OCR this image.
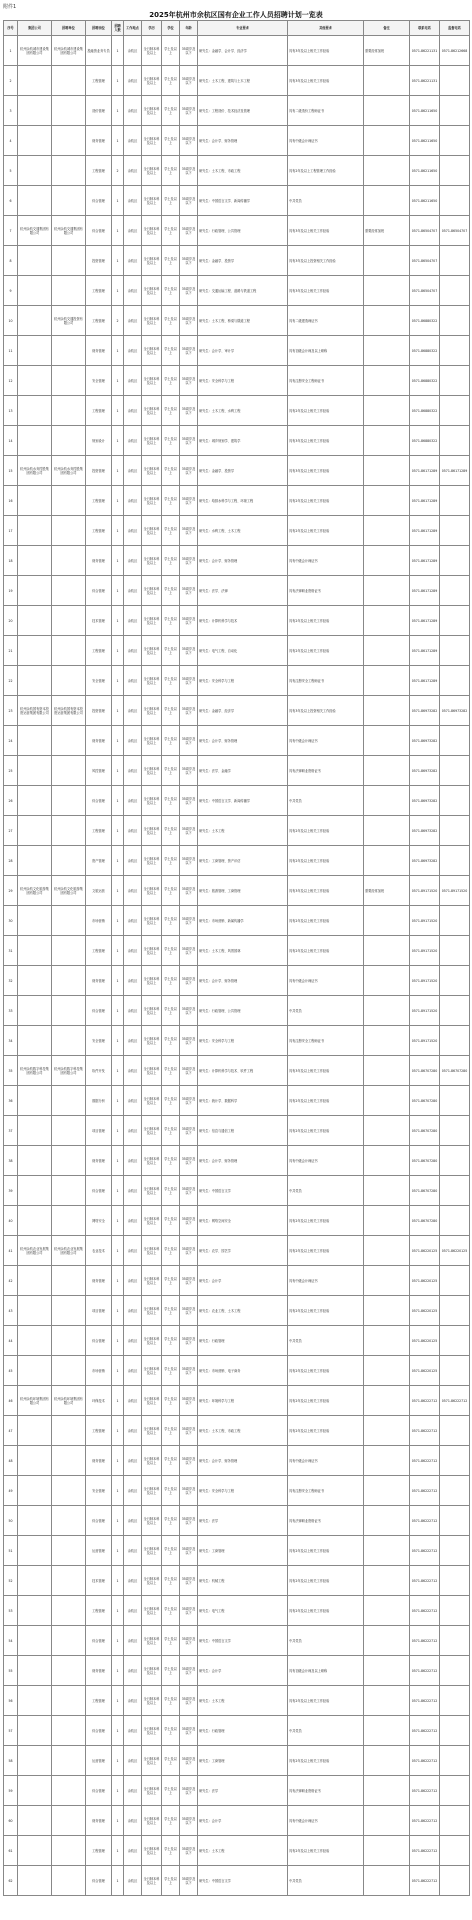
附件1
2025年杭州市余杭区国有企业工作人员招聘计划一览表
序号	集团公司	招聘单位	招聘岗位	招聘人数	工作地点	学历	学位	年龄	专业要求	其他要求	备注	联系电话	监督电话
1	杭州余杭城市建设集团有限公司	杭州余杭城市建设集团有限公司	投融资业务专员	1	余杭区	全日制本科及以上	学士及以上	35周岁及以下	研究生：金融学、会计学、经济学	具有3年及以上相关工作经验	需要经常加班	0571-86221131	0571-86212668
2			工程管理	1	余杭区	全日制本科及以上	学士及以上	35周岁及以下	研究生：土木工程、建筑与土木工程	具有3年及以上相关工作经验		0571-86221131	
3			造价管理	1	余杭区	全日制本科及以上	学士及以上	35周岁及以下	研究生：工程造价、技术经济及管理	具有二级造价工程师证书		0571-86211650	
4			财务管理	1	余杭区	全日制本科及以上	学士及以上	35周岁及以下	研究生：会计学、财务管理	具有中级会计师证书		0571-86211650	
5			工程管理	2	余杭区	全日制本科及以上	学士及以上	35周岁及以下	研究生：土木工程、市政工程	具有2年及以上工程管理工作经验		0571-86211650	
6			综合管理	1	余杭区	全日制本科及以上	学士及以上	35周岁及以下	研究生：中国语言文学、新闻传播学	中共党员		0571-86211650	
7	杭州余杭交通集团有限公司	杭州余杭交通集团有限公司	综合管理	1	余杭区	全日制本科及以上	学士及以上	35周岁及以下	研究生：行政管理、公共管理	具有3年及以上相关工作经验	需要经常加班	0571-86504707	0571-86504707
8			投资管理	1	余杭区	全日制本科及以上	学士及以上	35周岁及以下	研究生：金融学、投资学	具有3年及以上投资相关工作经验		0571-86504707	
9			工程管理	1	余杭区	全日制本科及以上	学士及以上	35周岁及以下	研究生：交通运输工程、道路与铁道工程	具有3年及以上相关工作经验		0571-86504707	
10		杭州余杭交通投资有限公司	工程管理	2	余杭区	全日制本科及以上	学士及以上	35周岁及以下	研究生：土木工程、桥梁与隧道工程	具有二级建造师证书		0571-86880322	
11			财务管理	1	余杭区	全日制本科及以上	学士及以上	35周岁及以下	研究生：会计学、审计学	具有初级会计师及以上职称		0571-86880322	
12			安全管理	1	余杭区	全日制本科及以上	学士及以上	35周岁及以下	研究生：安全科学与工程	具有注册安全工程师证书		0571-86880322	
13			工程管理	1	余杭区	全日制本科及以上	学士及以上	35周岁及以下	研究生：土木工程、水利工程	具有2年及以上相关工作经验		0571-86880322	
14			规划设计	1	余杭区	全日制本科及以上	学士及以上	35周岁及以下	研究生：城乡规划学、建筑学	具有3年及以上相关工作经验		0571-86880322	
15	杭州余杭水务控股集团有限公司	杭州余杭水务控股集团有限公司	投资管理	1	余杭区	全日制本科及以上	学士及以上	35周岁及以下	研究生：金融学、投资学	具有3年及以上相关工作经验		0571-86171289	0571-86171289
16			工程管理	1	余杭区	全日制本科及以上	学士及以上	35周岁及以下	研究生：给排水科学与工程、环境工程	具有2年及以上相关工作经验		0571-86171289	
17			工程管理	1	余杭区	全日制本科及以上	学士及以上	35周岁及以下	研究生：水利工程、土木工程	具有2年及以上相关工作经验		0571-86171289	
18			财务管理	1	余杭区	全日制本科及以上	学士及以上	35周岁及以下	研究生：会计学、财务管理	具有中级会计师证书		0571-86171289	
19			综合管理	1	余杭区	全日制本科及以上	学士及以上	35周岁及以下	研究生：法学、法律	具有法律职业资格证书		0571-86171289	
20			技术管理	1	余杭区	全日制本科及以上	学士及以上	35周岁及以下	研究生：计算机科学与技术	具有2年及以上相关工作经验		0571-86171289	
21			工程管理	1	余杭区	全日制本科及以上	学士及以上	35周岁及以下	研究生：电气工程、自动化	具有2年及以上相关工作经验		0571-86171289	
22			安全管理	1	余杭区	全日制本科及以上	学士及以上	35周岁及以下	研究生：安全科学与工程	具有注册安全工程师证书		0571-86171289	
23	杭州余杭国有资本投资运营集团有限公司	杭州余杭国有资本投资运营集团有限公司	投资管理	1	余杭区	全日制本科及以上	学士及以上	35周岁及以下	研究生：金融学、经济学	具有3年及以上投资相关工作经验		0571-86973282	0571-86973282
24			财务管理	1	余杭区	全日制本科及以上	学士及以上	35周岁及以下	研究生：会计学、财务管理	具有中级会计师证书		0571-86973282	
25			风控管理	1	余杭区	全日制本科及以上	学士及以上	35周岁及以下	研究生：法学、金融学	具有法律职业资格证书		0571-86973282	
26			综合管理	1	余杭区	全日制本科及以上	学士及以上	35周岁及以下	研究生：中国语言文学、新闻传播学	中共党员		0571-86973282	
27			工程管理	1	余杭区	全日制本科及以上	学士及以上	35周岁及以下	研究生：土木工程	具有2年及以上相关工作经验		0571-86973282	
28			资产管理	1	余杭区	全日制本科及以上	学士及以上	35周岁及以下	研究生：工商管理、资产评估	具有2年及以上相关工作经验		0571-86973282	
29	杭州余杭文化旅游集团有限公司	杭州余杭文化旅游集团有限公司	文旅运营	1	余杭区	全日制本科及以上	学士及以上	35周岁及以下	研究生：旅游管理、工商管理	具有3年及以上相关工作经验	需要经常加班	0571-89171520	0571-89171520
30			市场营销	1	余杭区	全日制本科及以上	学士及以上	35周岁及以下	研究生：市场营销、新闻传播学	具有2年及以上相关工作经验		0571-89171520	
31			工程管理	1	余杭区	全日制本科及以上	学士及以上	35周岁及以下	研究生：土木工程、风景园林	具有2年及以上相关工作经验		0571-89171520	
32			财务管理	1	余杭区	全日制本科及以上	学士及以上	35周岁及以下	研究生：会计学、财务管理	具有中级会计师证书		0571-89171520	
33			综合管理	1	余杭区	全日制本科及以上	学士及以上	35周岁及以下	研究生：行政管理、公共管理	中共党员		0571-89171520	
34			安全管理	1	余杭区	全日制本科及以上	学士及以上	35周岁及以下	研究生：安全科学与工程	具有注册安全工程师证书		0571-89171520	
35	杭州余杭数字科技集团有限公司	杭州余杭数字科技集团有限公司	软件开发	1	余杭区	全日制本科及以上	学士及以上	35周岁及以下	研究生：计算机科学与技术、软件工程	具有3年及以上相关工作经验		0571-86707280	0571-86707280
36			数据分析	1	余杭区	全日制本科及以上	学士及以上	35周岁及以下	研究生：统计学、数据科学	具有2年及以上相关工作经验		0571-86707280	
37			项目管理	1	余杭区	全日制本科及以上	学士及以上	35周岁及以下	研究生：信息与通信工程	具有2年及以上相关工作经验		0571-86707280	
38			财务管理	1	余杭区	全日制本科及以上	学士及以上	35周岁及以下	研究生：会计学、财务管理	具有中级会计师证书		0571-86707280	
39			综合管理	1	余杭区	全日制本科及以上	学士及以上	35周岁及以下	研究生：中国语言文学	中共党员		0571-86707280	
40			网络安全	1	余杭区	全日制本科及以上	学士及以上	35周岁及以下	研究生：网络空间安全	具有2年及以上相关工作经验		0571-86707280	
41	杭州余杭农业发展集团有限公司	杭州余杭农业发展集团有限公司	农业技术	1	余杭区	全日制本科及以上	学士及以上	35周岁及以下	研究生：农学、园艺学	具有2年及以上相关工作经验		0571-86220125	0571-86220125
42			财务管理	1	余杭区	全日制本科及以上	学士及以上	35周岁及以下	研究生：会计学	具有中级会计师证书		0571-86220125	
43			项目管理	1	余杭区	全日制本科及以上	学士及以上	35周岁及以下	研究生：农业工程、土木工程	具有2年及以上相关工作经验		0571-86220125	
44			综合管理	1	余杭区	全日制本科及以上	学士及以上	35周岁及以下	研究生：行政管理	中共党员		0571-86220125	
45			市场营销	1	余杭区	全日制本科及以上	学士及以上	35周岁及以下	研究生：市场营销、电子商务	具有2年及以上相关工作经验		0571-86220125	
46	杭州余杭环境集团有限公司	杭州余杭环境集团有限公司	环保技术	1	余杭区	全日制本科及以上	学士及以上	35周岁及以下	研究生：环境科学与工程	具有2年及以上相关工作经验		0571-86222712	0571-86222712
47			工程管理	1	余杭区	全日制本科及以上	学士及以上	35周岁及以下	研究生：土木工程、市政工程	具有2年及以上相关工作经验		0571-86222712	
48			财务管理	1	余杭区	全日制本科及以上	学士及以上	35周岁及以下	研究生：会计学、财务管理	具有中级会计师证书		0571-86222712	
49			安全管理	1	余杭区	全日制本科及以上	学士及以上	35周岁及以下	研究生：安全科学与工程	具有注册安全工程师证书		0571-86222712	
50			综合管理	1	余杭区	全日制本科及以上	学士及以上	35周岁及以下	研究生：法学	具有法律职业资格证书		0571-86222712	
51			运营管理	1	余杭区	全日制本科及以上	学士及以上	35周岁及以下	研究生：工商管理	具有2年及以上相关工作经验		0571-86222712	
52			技术管理	1	余杭区	全日制本科及以上	学士及以上	35周岁及以下	研究生：机械工程	具有2年及以上相关工作经验		0571-86222712	
53			工程管理	1	余杭区	全日制本科及以上	学士及以上	35周岁及以下	研究生：电气工程	具有2年及以上相关工作经验		0571-86222712	
54			综合管理	1	余杭区	全日制本科及以上	学士及以上	35周岁及以下	研究生：中国语言文学	中共党员		0571-86222712	
55			财务管理	1	余杭区	全日制本科及以上	学士及以上	35周岁及以下	研究生：会计学	具有初级会计师及以上职称		0571-86222712	
56			工程管理	1	余杭区	全日制本科及以上	学士及以上	35周岁及以下	研究生：土木工程	具有2年及以上相关工作经验		0571-86222712	
57			综合管理	1	余杭区	全日制本科及以上	学士及以上	35周岁及以下	研究生：行政管理	中共党员		0571-86222712	
58			运营管理	1	余杭区	全日制本科及以上	学士及以上	35周岁及以下	研究生：工商管理	具有2年及以上相关工作经验		0571-86222712	
59			综合管理	1	余杭区	全日制本科及以上	学士及以上	35周岁及以下	研究生：法学	具有法律职业资格证书		0571-86222712	
60			财务管理	1	余杭区	全日制本科及以上	学士及以上	35周岁及以下	研究生：会计学	具有中级会计师证书		0571-86222712	
61			工程管理	1	余杭区	全日制本科及以上	学士及以上	35周岁及以下	研究生：土木工程	具有2年及以上相关工作经验		0571-86222712	
62			综合管理	1	余杭区	全日制本科及以上	学士及以上	35周岁及以下	研究生：中国语言文学	中共党员		0571-86222712	
